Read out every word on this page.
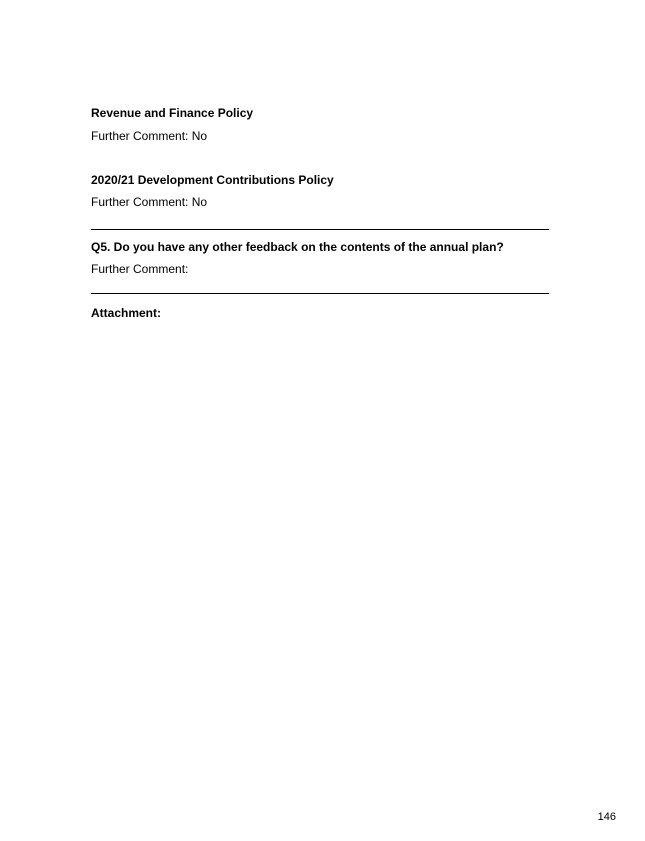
Revenue and Finance Policy
Further Comment: No
2020/21 Development Contributions Policy
Further Comment: No
Q5. Do you have any other feedback on the contents of the annual plan?
Further Comment:
Attachment:
146
